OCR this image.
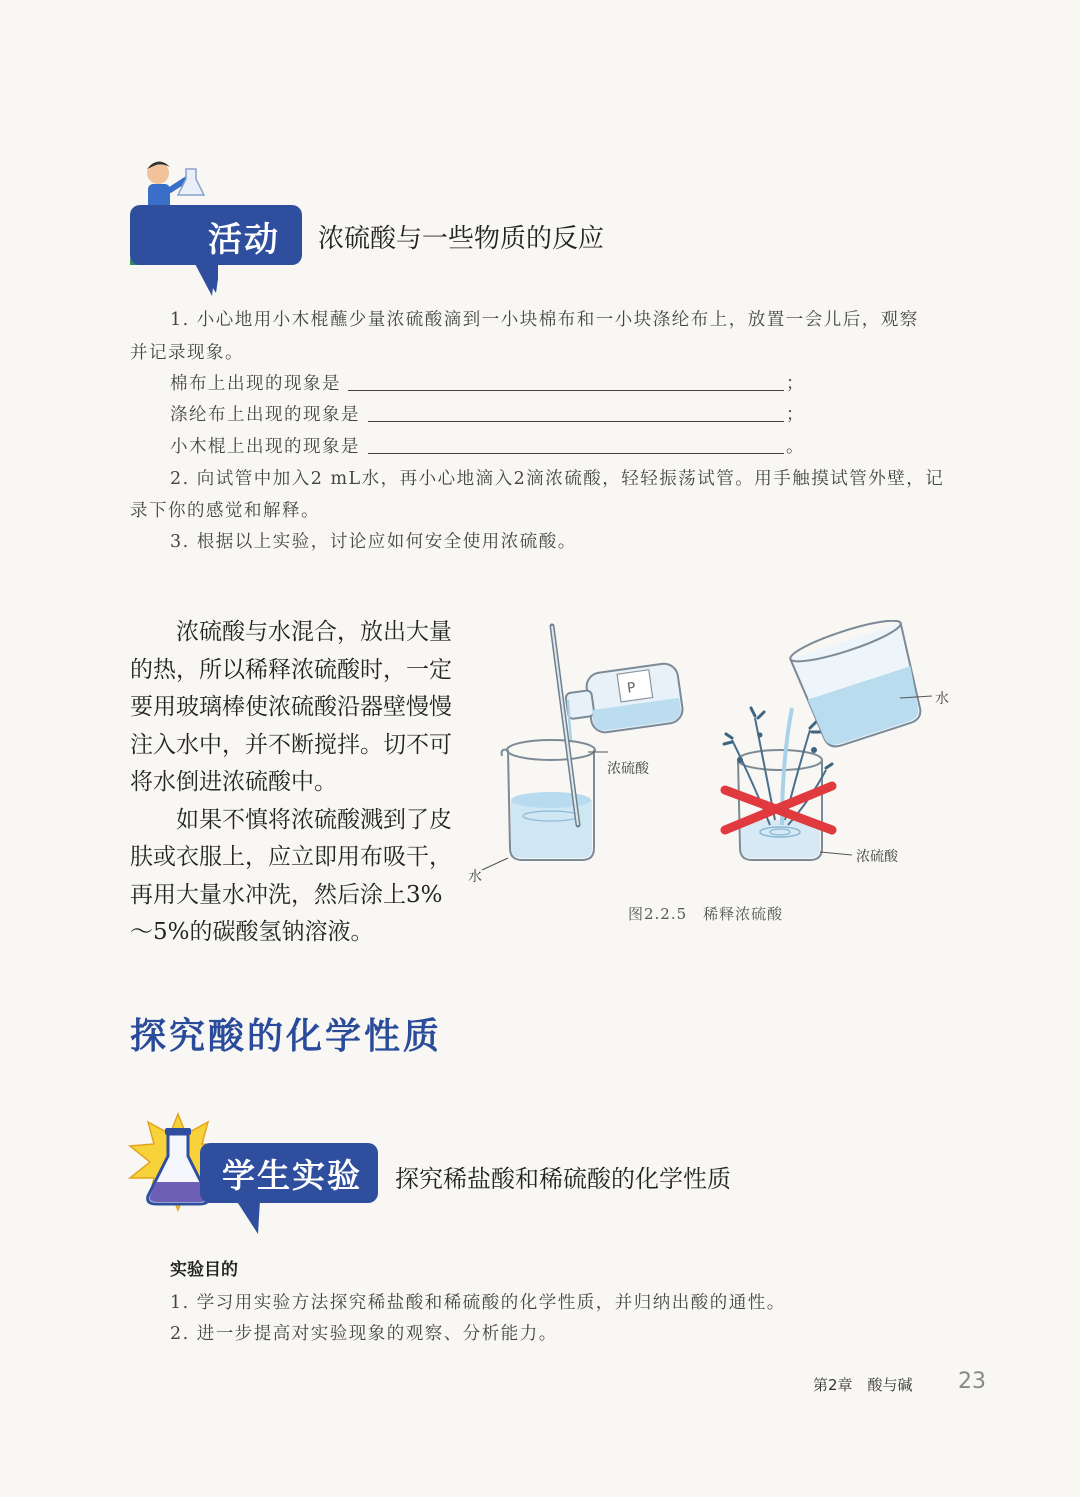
活动 浓硫酸与一些物质的反应
1. 小心地用小木棍蘸少量浓硫酸滴到一小块棉布和一小块涤纶布上，放置一会儿后，观察
并记录现象。
棉布上出现的现象是	；
涤纶布上出现的现象是	；
小木棍上出现的现象是	。
2. 向试管中加入2 mL水，再小心地滴入2滴浓硫酸，轻轻振荡试管。用手触摸试管外壁，记
录下你的感觉和解释。
3. 根据以上实验，讨论应如何安全使用浓硫酸。

浓硫酸与水混合，放出大量的热，所以稀释浓硫酸时，一定要用玻璃棒使浓硫酸沿器壁慢慢注入水中，并不断搅拌。切不可将水倒进浓硫酸中。

如果不慎将浓硫酸溅到了皮肤或衣服上，应立即用布吸干，再用大量水冲洗，然后涂上3%～5%的碳酸氢钠溶液。

P
浓硫酸
水
水
浓硫酸
图2.2.5　稀释浓硫酸
探究酸的化学性质
学生实验 探究稀盐酸和稀硫酸的化学性质
实验目的
1. 学习用实验方法探究稀盐酸和稀硫酸的化学性质，并归纳出酸的通性。
2. 进一步提高对实验现象的观察、分析能力。
第2章　酸与碱 23
